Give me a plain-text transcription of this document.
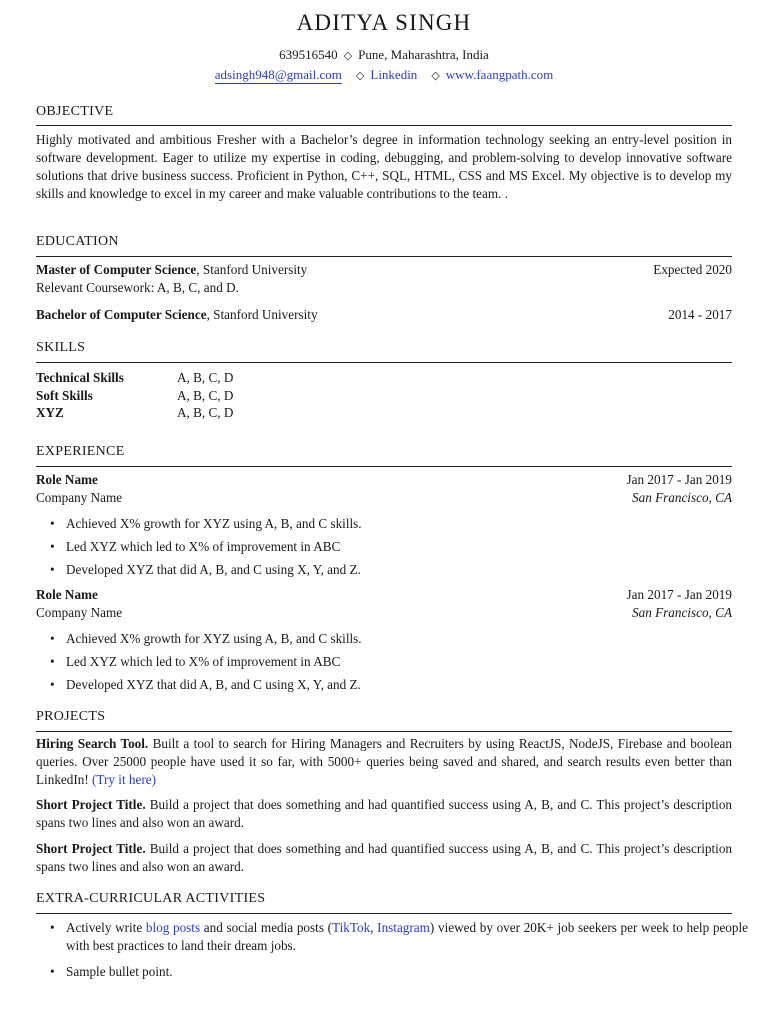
ADITYA SINGH
639516540 ◇ Pune, Maharashtra, India
adsingh948@gmail.com ◇ Linkedin ◇ www.faangpath.com
OBJECTIVE
Highly motivated and ambitious Fresher with a Bachelor’s degree in information technology seeking an entry-level position in software development. Eager to utilize my expertise in coding, debugging, and problem-solving to develop innovative software solutions that drive business success. Proficient in Python, C++, SQL, HTML, CSS and MS Excel. My objective is to develop my skills and knowledge to excel in my career and make valuable contributions to the team. .
EDUCATION
Master of Computer Science, Stanford University	Expected 2020
Relevant Coursework: A, B, C, and D.
Bachelor of Computer Science, Stanford University	2014 - 2017
SKILLS
Technical Skills	A, B, C, D
Soft Skills	A, B, C, D
XYZ	A, B, C, D
EXPERIENCE
Role Name	Jan 2017 - Jan 2019
Company Name	San Francisco, CA
• Achieved X% growth for XYZ using A, B, and C skills.
• Led XYZ which led to X% of improvement in ABC
• Developed XYZ that did A, B, and C using X, Y, and Z.
Role Name	Jan 2017 - Jan 2019
Company Name	San Francisco, CA
• Achieved X% growth for XYZ using A, B, and C skills.
• Led XYZ which led to X% of improvement in ABC
• Developed XYZ that did A, B, and C using X, Y, and Z.
PROJECTS
Hiring Search Tool. Built a tool to search for Hiring Managers and Recruiters by using ReactJS, NodeJS, Firebase and boolean queries. Over 25000 people have used it so far, with 5000+ queries being saved and shared, and search results even better than LinkedIn! (Try it here)
Short Project Title. Build a project that does something and had quantified success using A, B, and C. This project’s description spans two lines and also won an award.
Short Project Title. Build a project that does something and had quantified success using A, B, and C. This project’s description spans two lines and also won an award.
EXTRA-CURRICULAR ACTIVITIES
• Actively write blog posts and social media posts (TikTok, Instagram) viewed by over 20K+ job seekers per week to help people with best practices to land their dream jobs.
• Sample bullet point.
